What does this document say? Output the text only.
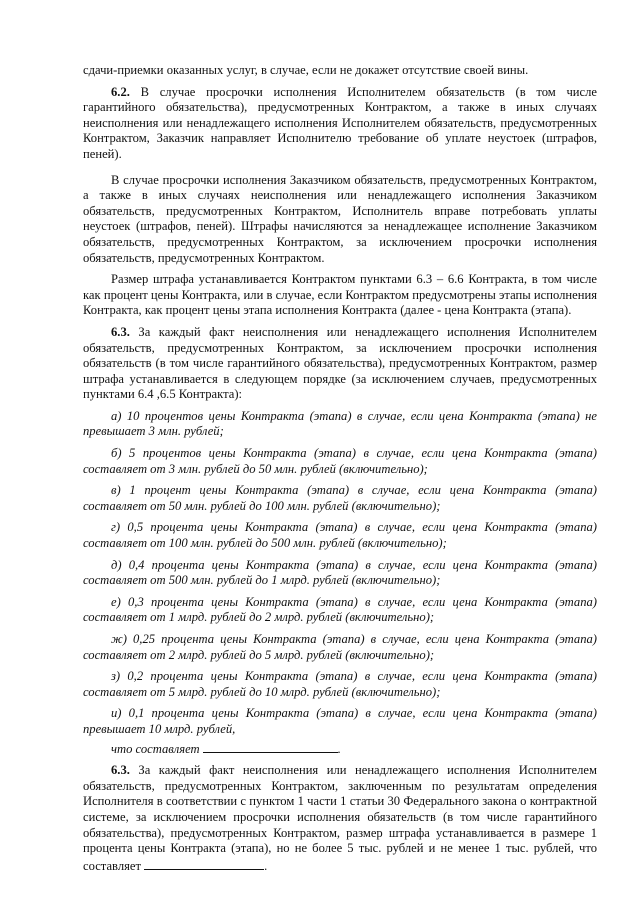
сдачи-приемки оказанных услуг, в случае, если не докажет отсутствие своей вины.

6.2. В случае просрочки исполнения Исполнителем обязательств (в том числе гарантийного обязательства), предусмотренных Контрактом, а также в иных случаях неисполнения или ненадлежащего исполнения Исполнителем обязательств, предусмотренных Контрактом, Заказчик направляет Исполнителю требование об уплате неустоек (штрафов, пеней).

В случае просрочки исполнения Заказчиком обязательств, предусмотренных Контрактом, а также в иных случаях неисполнения или ненадлежащего исполнения Заказчиком обязательств, предусмотренных Контрактом, Исполнитель вправе потребовать уплаты неустоек (штрафов, пеней). Штрафы начисляются за ненадлежащее исполнение Заказчиком обязательств, предусмотренных Контрактом, за исключением просрочки исполнения обязательств, предусмотренных Контрактом.

Размер штрафа устанавливается Контрактом пунктами 6.3 – 6.6 Контракта, в том числе как процент цены Контракта, или в случае, если Контрактом предусмотрены этапы исполнения Контракта, как процент цены этапа исполнения Контракта (далее - цена Контракта (этапа).

6.3. За каждый факт неисполнения или ненадлежащего исполнения Исполнителем обязательств, предусмотренных Контрактом, за исключением просрочки исполнения обязательств (в том числе гарантийного обязательства), предусмотренных Контрактом, размер штрафа устанавливается в следующем порядке (за исключением случаев, предусмотренных пунктами 6.4 ,6.5 Контракта):

а) 10 процентов цены Контракта (этапа) в случае, если цена Контракта (этапа) не превышает 3 млн. рублей;

б) 5 процентов цены Контракта (этапа) в случае, если цена Контракта (этапа) составляет от 3 млн. рублей до 50 млн. рублей (включительно);

в) 1 процент цены Контракта (этапа) в случае, если цена Контракта (этапа) составляет от 50 млн. рублей до 100 млн. рублей (включительно);

г) 0,5 процента цены Контракта (этапа) в случае, если цена Контракта (этапа) составляет от 100 млн. рублей до 500 млн. рублей (включительно);

д) 0,4 процента цены Контракта (этапа) в случае, если цена Контракта (этапа) составляет от 500 млн. рублей до 1 млрд. рублей (включительно);

е) 0,3 процента цены Контракта (этапа) в случае, если цена Контракта (этапа) составляет от 1 млрд. рублей до 2 млрд. рублей (включительно);

ж) 0,25 процента цены Контракта (этапа) в случае, если цена Контракта (этапа) составляет от 2 млрд. рублей до 5 млрд. рублей (включительно);

з) 0,2 процента цены Контракта (этапа) в случае, если цена Контракта (этапа) составляет от 5 млрд. рублей до 10 млрд. рублей (включительно);

и) 0,1 процента цены Контракта (этапа) в случае, если цена Контракта (этапа) превышает 10 млрд. рублей,

что составляет	.

6.3. За каждый факт неисполнения или ненадлежащего исполнения Исполнителем обязательств, предусмотренных Контрактом, заключенным по результатам определения Исполнителя в соответствии с пунктом 1 части 1 статьи 30 Федерального закона о контрактной системе, за исключением просрочки исполнения обязательств (в том числе гарантийного обязательства), предусмотренных Контрактом, размер штрафа устанавливается в размере 1 процента цены Контракта (этапа), но не более 5 тыс. рублей и не менее 1 тыс. рублей, что составляет	.
